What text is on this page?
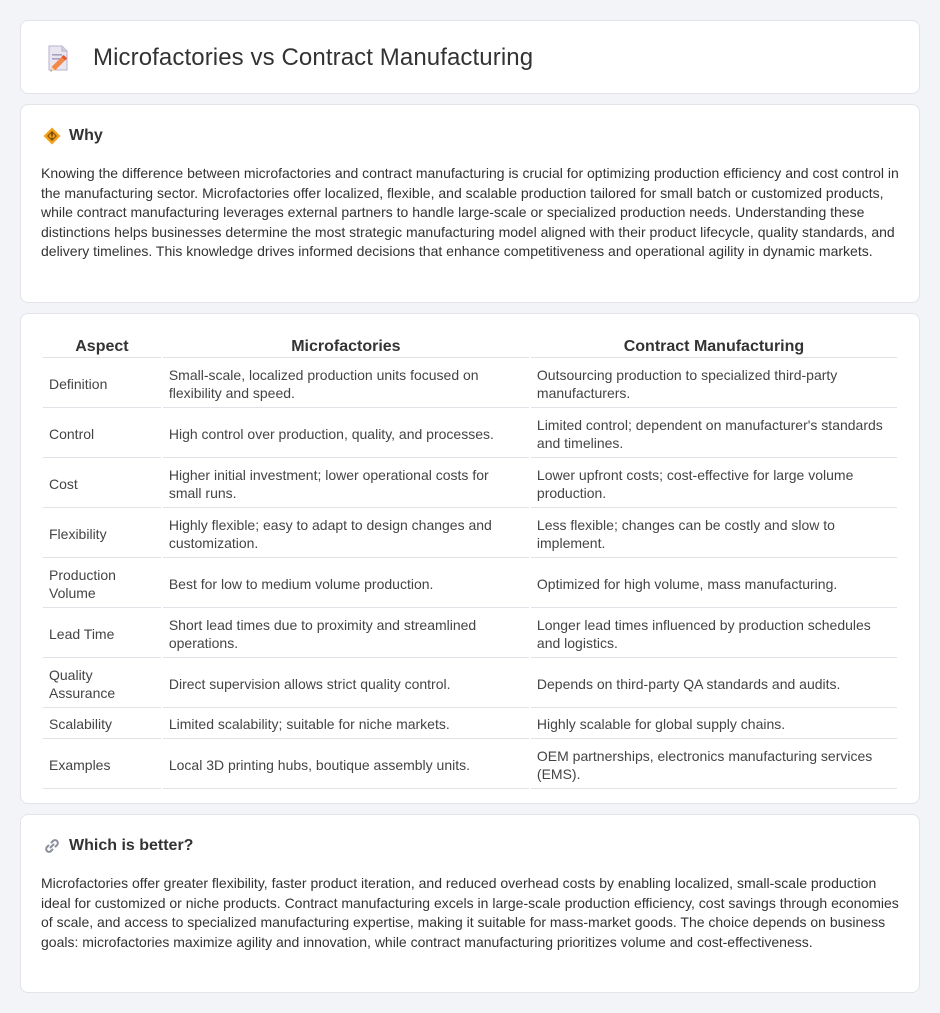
Microfactories vs Contract Manufacturing
Why

Knowing the difference between microfactories and contract manufacturing is crucial for optimizing production efficiency and cost control in the manufacturing sector. Microfactories offer localized, flexible, and scalable production tailored for small batch or customized products, while contract manufacturing leverages external partners to handle large-scale or specialized production needs. Understanding these distinctions helps businesses determine the most strategic manufacturing model aligned with their product lifecycle, quality standards, and delivery timelines. This knowledge drives informed decisions that enhance competitiveness and operational agility in dynamic markets.

Aspect	Microfactories	Contract Manufacturing
Definition	Small-scale, localized production units focused on flexibility and speed.	Outsourcing production to specialized third-party manufacturers.
Control	High control over production, quality, and processes.	Limited control; dependent on manufacturer's standards and timelines.
Cost	Higher initial investment; lower operational costs for small runs.	Lower upfront costs; cost-effective for large volume production.
Flexibility	Highly flexible; easy to adapt to design changes and customization.	Less flexible; changes can be costly and slow to implement.
Production Volume	Best for low to medium volume production.	Optimized for high volume, mass manufacturing.
Lead Time	Short lead times due to proximity and streamlined operations.	Longer lead times influenced by production schedules and logistics.
Quality Assurance	Direct supervision allows strict quality control.	Depends on third-party QA standards and audits.
Scalability	Limited scalability; suitable for niche markets.	Highly scalable for global supply chains.
Examples	Local 3D printing hubs, boutique assembly units.	OEM partnerships, electronics manufacturing services (EMS).
Which is better?

Microfactories offer greater flexibility, faster product iteration, and reduced overhead costs by enabling localized, small-scale production ideal for customized or niche products. Contract manufacturing excels in large-scale production efficiency, cost savings through economies of scale, and access to specialized manufacturing expertise, making it suitable for mass-market goods. The choice depends on business goals: microfactories maximize agility and innovation, while contract manufacturing prioritizes volume and cost-effectiveness.
